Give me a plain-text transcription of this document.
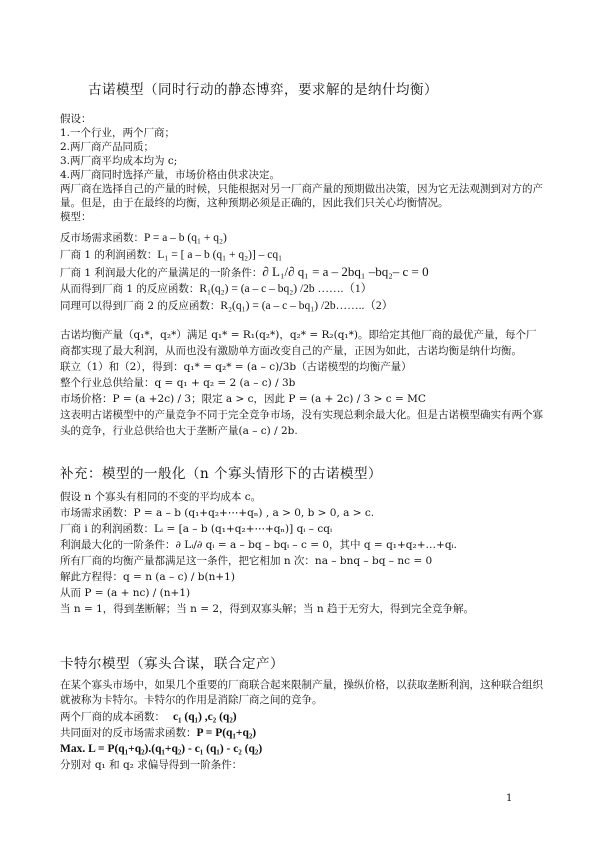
古诺模型（同时行动的静态博弈，要求解的是纳什均衡）
假设：
1.一个行业，两个厂商；
2.两厂商产品同质；
3.两厂商平均成本均为 c;
4.两厂商同时选择产量，市场价格由供求决定。
两厂商在选择自己的产量的时候，只能根据对另一厂商产量的预期做出决策，因为它无法观测到对方的产
量。但是，由于在最终的均衡，这种预期必须是正确的，因此我们只关心均衡情况。
模型：
反市场需求函数：P = a – b (q₁ + q₂)
厂商 1 的利润函数：L₁ = [ a – b (q₁ + q₂)] – cq₁
厂商 1 利润最大化的产量满足的一阶条件：∂ L₁/∂ q₁ = a – 2bq₁ –bq₂– c = 0
从而得到厂商 1 的反应函数：R₁(q₂) = (a – c – bq₂) /2b …….（1）
同理可以得到厂商 2 的反应函数：R₂(q₁) = (a – c – bq₁) /2b……..（2）
古诺均衡产量（q₁*，q₂*）满足 q₁* = R₁(q₂*)，q₂* = R₂(q₁*)。即给定其他厂商的最优产量，每个厂
商都实现了最大利润，从而也没有激励单方面改变自己的产量，正因为如此，古诺均衡是纳什均衡。
联立（1）和（2），得到：q₁* = q₂* = (a – c)/3b（古诺模型的均衡产量）
整个行业总供给量：q = q₁ + q₂ = 2 (a – c) / 3b
市场价格：P = (a +2c) / 3；限定 a > c，因此 P = (a + 2c) / 3 > c = MC
这表明古诺模型中的产量竞争不同于完全竞争市场，没有实现总剩余最大化。但是古诺模型确实有两个寡
头的竞争，行业总供给也大于垄断产量(a – c) / 2b.
补充：模型的一般化（n 个寡头情形下的古诺模型）
假设 n 个寡头有相同的不变的平均成本 c。
市场需求函数：P = a – b (q₁+q₂+⋯+qₙ) , a > 0, b > 0, a > c.
厂商 i 的利润函数：Lᵢ = [a – b (q₁+q₂+⋯+qₙ)] qᵢ – cqᵢ
利润最大化的一阶条件：∂ Lᵢ/∂ qᵢ = a – bq – bqᵢ – c = 0，其中 q = q₁+q₂+…+qᵢ.
所有厂商的均衡产量都满足这一条件，把它相加 n 次：na – bnq – bq – nc = 0
解此方程得：q = n (a – c) / b(n+1)
从而 P = (a + nc) / (n+1)
当 n = 1，得到垄断解；当 n = 2，得到双寡头解；当 n 趋于无穷大，得到完全竞争解。
卡特尔模型（寡头合谋，联合定产）
在某个寡头市场中，如果几个重要的厂商联合起来限制产量，操纵价格，以获取垄断利润，这种联合组织
就被称为卡特尔。卡特尔的作用是消除厂商之间的竞争。
两个厂商的成本函数： c₁ (q₁) ,c₂ (q₂)
共同面对的反市场需求函数：P = P(q₁+q₂)
Max. L = P(q₁+q₂).(q₁+q₂) - c₁ (q₁) - c₂ (q₂)
分别对 q₁ 和 q₂ 求偏导得到一阶条件：
1
